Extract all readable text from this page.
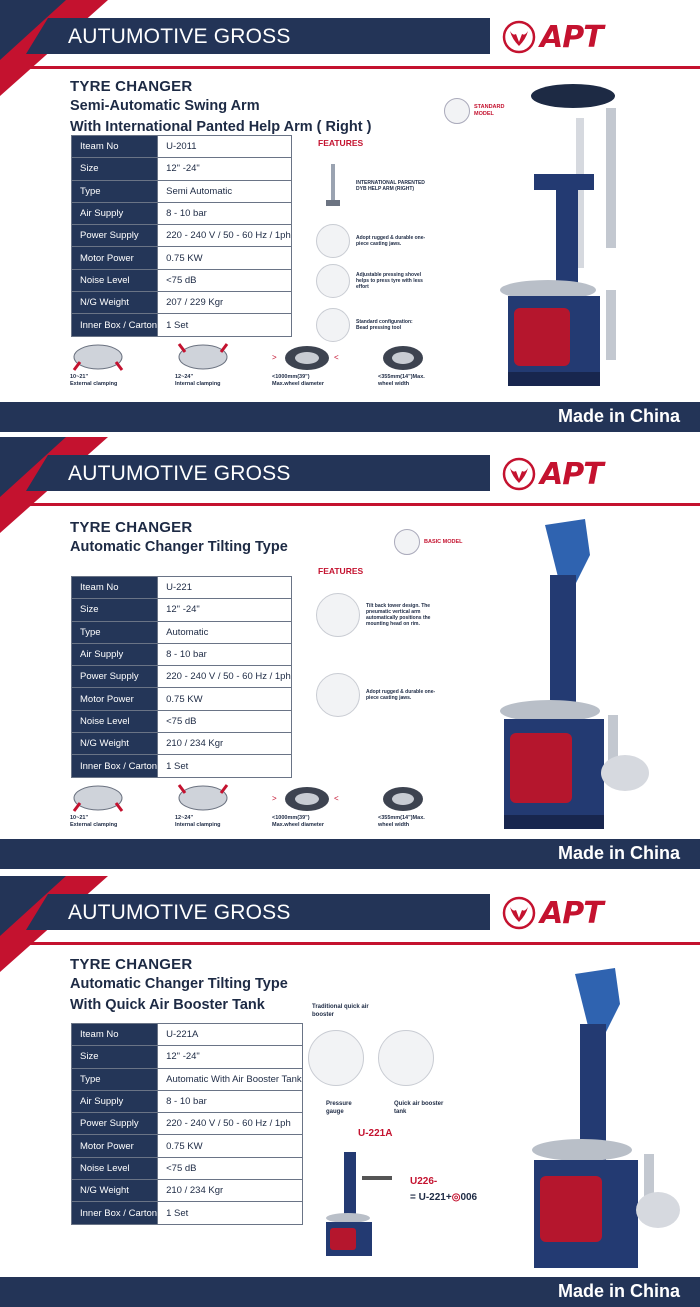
AUTUMOTIVE GROSS	APT
TYRE CHANGER
Semi-Automatic Swing Arm
With International Panted Help Arm ( Right )
Iteam No	U-2011
Size	12" -24"
Type	Semi Automatic
Air Supply	8 - 10 bar
Power Supply	220 - 240 V / 50 - 60 Hz / 1ph
Motor Power	0.75 KW
Noise Level	<75 dB
N/G Weight	207 / 229 Kgr
Inner Box / Carton	1 Set
STANDARD MODEL
FEATURES
INTERNATIONAL PARENTED DYB HELP ARM (RIGHT)
Adopt rugged & durable one-piece casting jaws.
Adjustable pressing shovel helps to press tyre with less effort
Standard configuration: Bead pressing tool
10~21"
External clamping
12~24"
Internal clamping
>	<
<1000mm(39")
Max.wheel diameter
<355mm(14")Max.
wheel width
Made in China
AUTUMOTIVE GROSS	APT
TYRE CHANGER
Automatic Changer Tilting Type
Iteam No	U-221
Size	12" -24"
Type	Automatic
Air Supply	8 - 10 bar
Power Supply	220 - 240 V / 50 - 60 Hz / 1ph
Motor Power	0.75 KW
Noise Level	<75 dB
N/G Weight	210 / 234 Kgr
Inner Box / Carton	1 Set
BASIC MODEL
FEATURES
Tilt back tower design. The pneumatic vertical arm automatically positions the mounting head on rim.
Adopt rugged & durable one-piece casting jaws.
10~21"
External clamping
12~24"
Internal clamping
>	<
<1000mm(39")
Max.wheel diameter
<355mm(14")Max.
wheel width
Made in China
AUTUMOTIVE GROSS	APT
TYRE CHANGER
Automatic Changer Tilting Type
With Quick Air Booster Tank
Iteam No	U-221A
Size	12" -24"
Type	Automatic With Air Booster Tank
Air Supply	8 - 10 bar
Power Supply	220 - 240 V / 50 - 60 Hz / 1ph
Motor Power	0.75 KW
Noise Level	<75 dB
N/G Weight	210 / 234 Kgr
Inner Box / Carton	1 Set
Traditional quick air booster
Pressure gauge
Quick air booster tank
U-221A
U226-
= U-221+◎006
Made in China
